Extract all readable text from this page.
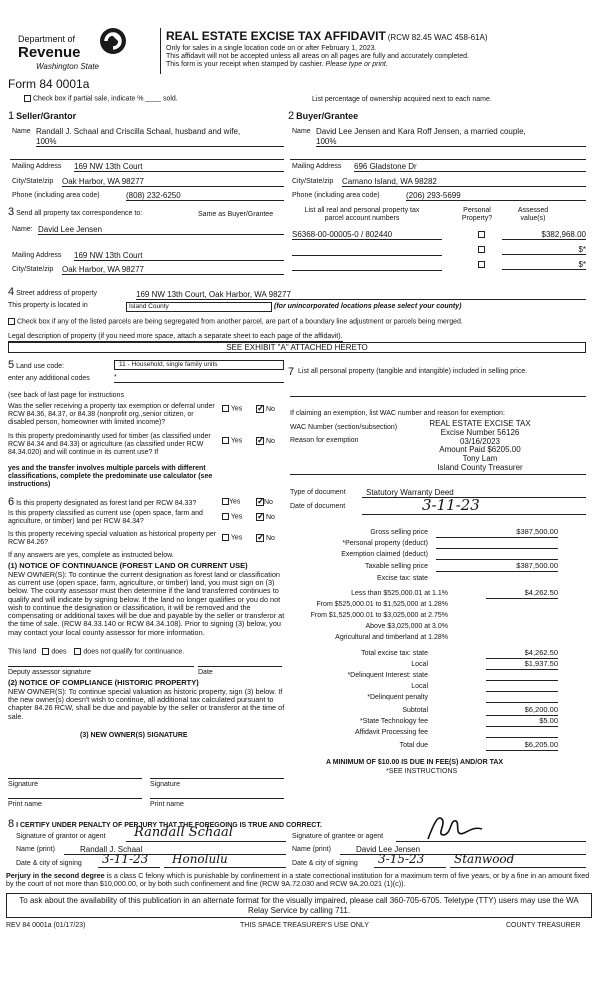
Department of
Revenue
Washington State
Form 84 0001a
REAL ESTATE EXCISE TAX AFFIDAVIT (RCW 82.45 WAC 458-61A)
Only for sales in a single location code on or after February 1, 2023.
This affidavit will not be accepted unless all areas on all pages are fully and accurately completed.
This form is your receipt when stamped by cashier. Please type or print.
Check box if partial sale, indicate % ____ sold.	List percentage of ownership acquired next to each name.
1 Seller/Grantor
Name Randall J. Schaal and Criscilla Schaal, husband and wife,
100%
Mailing Address 169 NW 13th Court
City/State/zip Oak Harbor, WA 98277
Phone (including area code)	(808) 232-6250
2 Buyer/Grantee
Name David Lee Jensen and Kara Roff Jensen, a married couple,
100%
Mailing Address 696 Gladstone Dr
City/State/zip Camano Island, WA 98282
Phone (including area code)	(206) 293-5699
3 Send all property tax correspondence to:	Same as Buyer/Grantee
Name: David Lee Jensen
Mailing Address 169 NW 13th Court
City/State/zip Oak Harbor, WA 98277
List all real and personal property tax parcel account numbers
Personal Property?
Assessed value(s)
S6368-00-00005-0 / 802440	$382,968.00
$*
$*
4 Street address of property	169 NW 13th Court, Oak Harbor, WA 98277
This property is located in	Island County	(for unincorporated locations please select your county)
Check box if any of the listed parcels are being segregated from another parcel, are part of a boundary line adjustment or parcels being merged.
Legal description of property (if you need more space, attach a separate sheet to each page of the affidavit).
SEE EXHIBIT "A" ATTACHED HERETO
5 Land use code:	11 - Household, single family units
enter any additional codes	*
(see back of last page for instructions
Was the seller receiving a property tax exemption or deferral under RCW 84.36, 84.37, or 84.38 (nonprofit org.,senior citizen, or disabled person, homeowner with limited income)?
Yes ✓	No
Is this property predominantly used for timber (as classified under RCW 84.34 and 84.33) or agriculture (as classified under RCW 84.34.020) and will continue in its current use? If
yes and the transfer involves multiple parcels with different classifications, complete the predominate use calculator (see instructions)
Yes ✓	No
6 Is this property designated as forest land per RCW 84.33?	Yes ✓	No
Is this property classified as current use (open space, farm and agriculture, or timber) land per RCW 84.34?
Yes ✓	No
Is this property receiving special valuation as historical property per RCW 84.26?
Yes ✓	No
If any answers are yes, complete as instructed below.
(1) NOTICE OF CONTINUANCE (FOREST LAND OR CURRENT USE)
NEW OWNER(S): To continue the current designation as forest land or classification as current use (open space, farm, agriculture, or timber) land, you must sign on (3) below. The county assessor must then determine if the land transferred continues to qualify and will indicate by signing below. If the land no longer qualifies or you do not wish to continue the designation or classification, it will be removed and the compensating or additional taxes will be due and payable by the seller or transferor at the time of sale. (RCW 84.33.140 or RCW 84.34.108). Prior to signing (3) below, you may contact your local county assessor for more information.
This land does does not qualify for continuance.
Deputy assessor signature	Date
(2) NOTICE OF COMPLIANCE (HISTORIC PROPERTY)
NEW OWNER(S): To continue special valuation as historic property, sign (3) below. If the new owner(s) doesn't wish to continue, all additional tax calculated pursuant to chapter 84.26 RCW, shall be due and payable by the seller or transferor at the time of sale.
(3) NEW OWNER(S) SIGNATURE
Signature	Signature
Print name	Print name
7 List all personal property (tangible and intangible) included in selling price.
If claiming an exemption, list WAC number and reason for exemption:
WAC Number (section/subsection)
Reason for exemption
REAL ESTATE EXCISE TAX
Excise Number 56126
03/16/2023
Amount Paid $6205.00
Tony Lam
Island County Treasurer
Type of document	Statutory Warranty Deed
Date of document	3-11-23
Gross selling price	$387,500.00
*Personal property (deduct)
Exemption claimed (deduct)
Taxable selling price	$387,500.00
Excise tax: state
Less than $525,000.01 at 1.1%	$4,262.50
From $525,000.01 to $1,525,000 at 1.28%
From $1,525,000.01 to $3,025,000 at 2.75%
Above $3,025,000 at 3.0%
Agricultural and timberland at 1.28%
Total excise tax: state	$4,262.50
Local	$1,937.50
*Delinquent Interest: state
Local
*Delinquent penalty
Subtotal	$6,200.00
*State Technology fee	$5.00
Affidavit Processing fee
Total due	$6,205.00
A MINIMUM OF $10.00 IS DUE IN FEE(S) AND/OR TAX
*SEE INSTRUCTIONS
8 I CERTIFY UNDER PENALTY OF PERJURY THAT THE FOREGOING IS TRUE AND CORRECT.
Signature of grantor or agent	Randall Schaal	Signature of grantee or agent
Name (print)	Randall J. Schaal	Name (print)	David Lee Jensen
Date & city of signing	3-11-23	Honolulu	Date & city of signing	3-15-23	Stanwood
Perjury in the second degree is a class C felony which is punishable by confinement in a state correctional institution for a maximum term of five years, or by a fine in an amount fixed by the court of not more than $10,000.00, or by both such confinement and fine (RCW 9A.72.030 and RCW 9A.20.021 (1)(c)).
To ask about the availability of this publication in an alternate format for the visually impaired, please call 360-705-6705. Teletype (TTY) users may use the WA Relay Service by calling 711.
REV 84 0001a (01/17/23)	THIS SPACE TREASURER'S USE ONLY	COUNTY TREASURER
